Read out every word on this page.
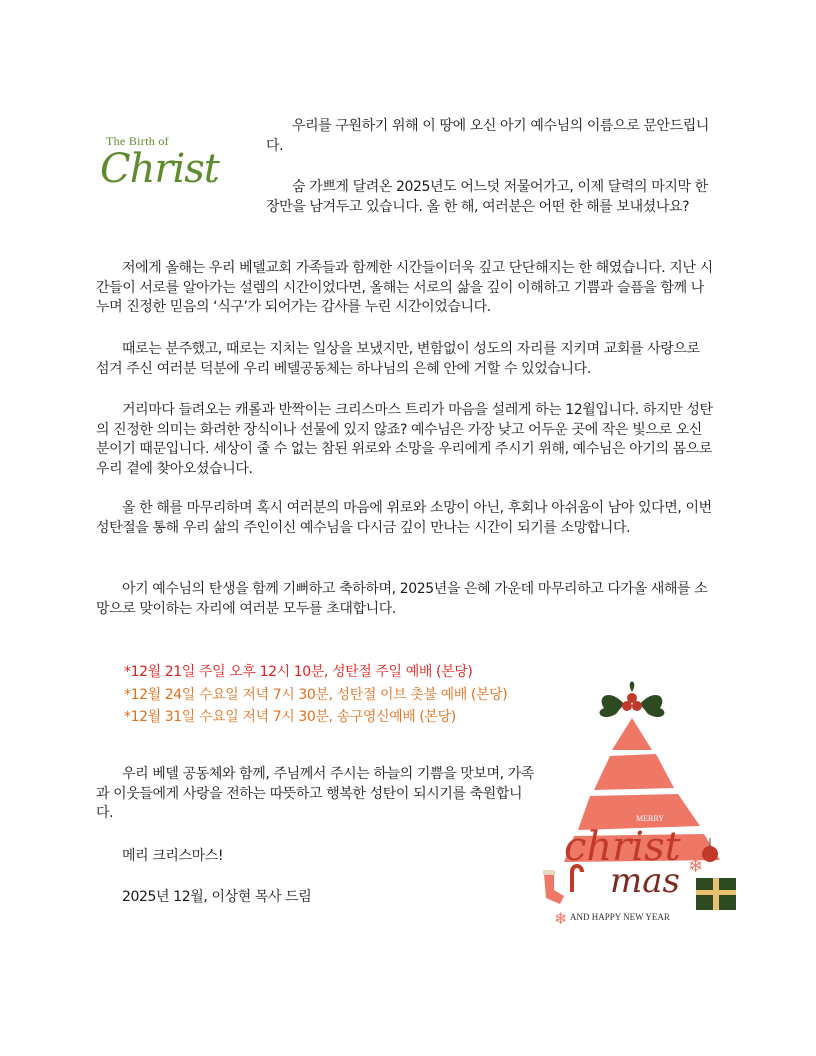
The Birth of
Christ

우리를 구원하기 위해 이 땅에 오신 아기 예수님의 이름으로 문안드립니다.

숨 가쁘게 달려온 2025년도 어느덧 저물어가고, 이제 달력의 마지막 한 장만을 남겨두고 있습니다. 올 한 해, 여러분은 어떤 한 해를 보내셨나요?

저에게 올해는 우리 베델교회 가족들과 함께한 시간들이더욱 깊고 단단해지는 한 해였습니다. 지난 시간들이 서로를 알아가는 설렘의 시간이었다면, 올해는 서로의 삶을 깊이 이해하고 기쁨과 슬픔을 함께 나누며 진정한 믿음의 ‘식구’가 되어가는 감사를 누린 시간이었습니다.

때로는 분주했고, 때로는 지치는 일상을 보냈지만, 변함없이 성도의 자리를 지키며 교회를 사랑으로 섬겨 주신 여러분 덕분에 우리 베델공동체는 하나님의 은혜 안에 거할 수 있었습니다.

거리마다 들려오는 캐롤과 반짝이는 크리스마스 트리가 마음을 설레게 하는 12월입니다. 하지만 성탄의 진정한 의미는 화려한 장식이나 선물에 있지 않죠? 예수님은 가장 낮고 어두운 곳에 작은 빛으로 오신 분이기 때문입니다. 세상이 줄 수 없는 참된 위로와 소망을 우리에게 주시기 위해, 예수님은 아기의 몸으로 우리 곁에 찾아오셨습니다.

올 한 해를 마무리하며 혹시 여러분의 마음에 위로와 소망이 아닌, 후회나 아쉬움이 남아 있다면, 이번 성탄절을 통해 우리 삶의 주인이신 예수님을 다시금 깊이 만나는 시간이 되기를 소망합니다.

아기 예수님의 탄생을 함께 기뻐하고 축하하며, 2025년을 은혜 가운데 마무리하고 다가올 새해를 소망으로 맞이하는 자리에 여러분 모두를 초대합니다.

*12월 21일 주일 오후 12시 10분, 성탄절 주일 예배 (본당)
*12월 24일 수요일 저녁 7시 30분, 성탄절 이브 촛불 예배 (본당)
*12월 31일 수요일 저녁 7시 30분, 송구영신예배 (본당)

우리 베델 공동체와 함께, 주님께서 주시는 하늘의 기쁨을 맛보며, 가족과 이웃들에게 사랑을 전하는 따뜻하고 행복한 성탄이 되시기를 축원합니다.

메리 크리스마스!

2025년 12월, 이상현 목사 드림

MERRY
christ
mas ❄
❄ AND HAPPY NEW YEAR
